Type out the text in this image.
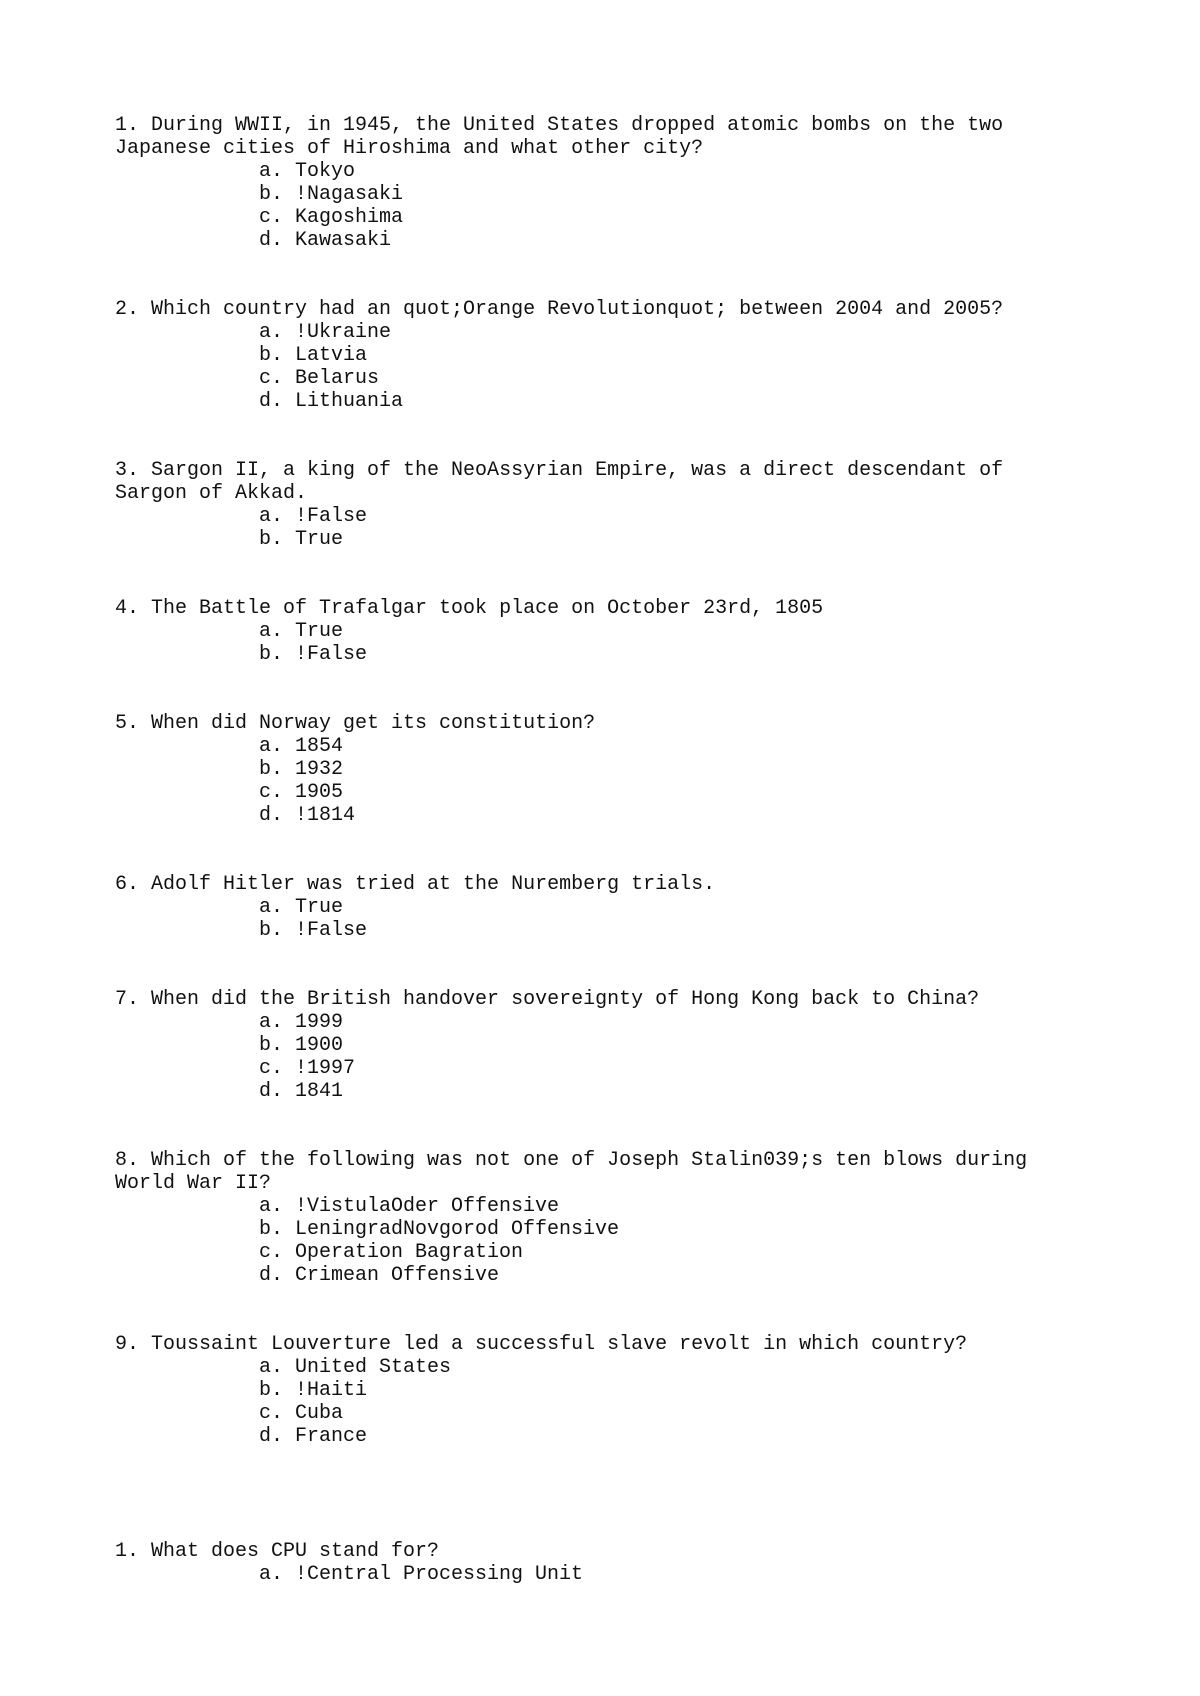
1. During WWII, in 1945, the United States dropped atomic bombs on the two Japanese cities of Hiroshima and what other city?

a. Tokyo
b. !Nagasaki
c. Kagoshima
d. Kawasaki

2. Which country had an quot;Orange Revolutionquot; between 2004 and 2005?

a. !Ukraine
b. Latvia
c. Belarus
d. Lithuania

3. Sargon II, a king of the NeoAssyrian Empire, was a direct descendant of Sargon of Akkad.

a. !False
b. True

4. The Battle of Trafalgar took place on October 23rd, 1805

a. True
b. !False

5. When did Norway get its constitution?

a. 1854
b. 1932
c. 1905
d. !1814

6. Adolf Hitler was tried at the Nuremberg trials.

a. True
b. !False

7. When did the British handover sovereignty of Hong Kong back to China?

a. 1999
b. 1900
c. !1997
d. 1841

8. Which of the following was not one of Joseph Stalin039;s ten blows during World War II?

a. !VistulaOder Offensive
b. LeningradNovgorod Offensive
c. Operation Bagration
d. Crimean Offensive

9. Toussaint Louverture led a successful slave revolt in which country?

a. United States
b. !Haiti
c. Cuba
d. France

1. What does CPU stand for?

a. !Central Processing Unit
